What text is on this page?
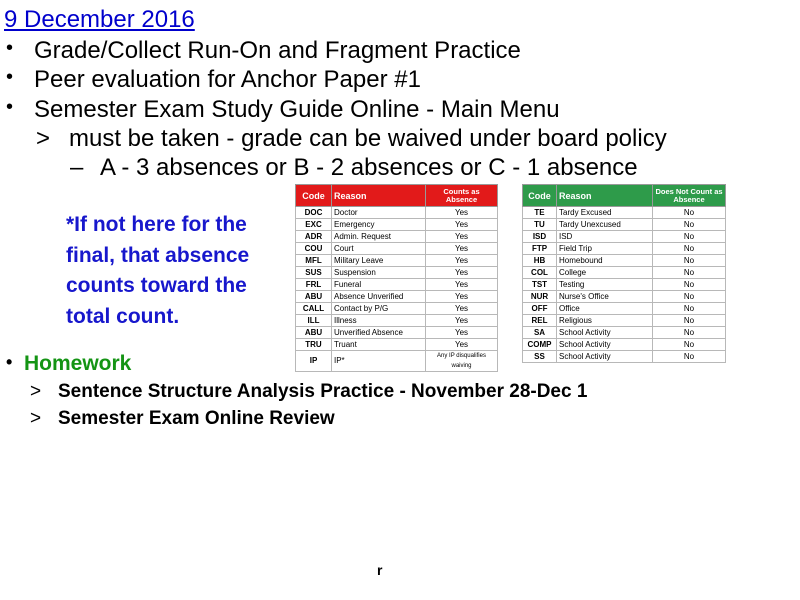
9 December 2016
• Grade/Collect Run-On and Fragment Practice
• Peer evaluation for Anchor Paper #1
• Semester Exam Study Guide Online - Main Menu
> must be taken - grade can be waived under board policy
– A - 3 absences or B - 2 absences or C - 1 absence
*If not here for the final, that absence counts toward the total count.
Code	Reason	Counts as Absence
DOC	Doctor	Yes
EXC	Emergency	Yes
ADR	Admin. Request	Yes
COU	Court	Yes
MFL	Military Leave	Yes
SUS	Suspension	Yes
FRL	Funeral	Yes
ABU	Absence Unverified	Yes
CALL	Contact by P/G	Yes
ILL	Illness	Yes
ABU	Unverified Absence	Yes
TRU	Truant	Yes
IP	IP*	Any IP disqualifies waiving
Code	Reason	Does Not Count as Absence
TE	Tardy Excused	No
TU	Tardy Unexcused	No
ISD	ISD	No
FTP	Field Trip	No
HB	Homebound	No
COL	College	No
TST	Testing	No
NUR	Nurse's Office	No
OFF	Office	No
REL	Religious	No
SA	School Activity	No
COMP	School Activity	No
SS	School Activity	No
• Homework
> Sentence Structure Analysis Practice - November 28-Dec 1
> Semester Exam Online Review
r
